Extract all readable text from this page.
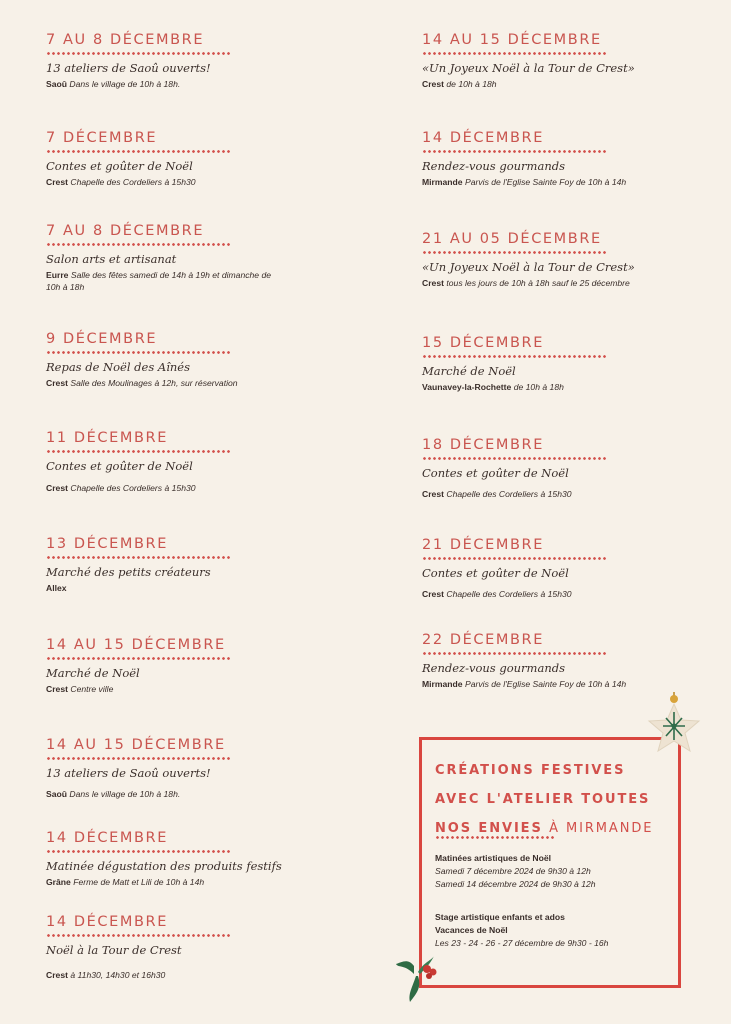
7 AU 8 DÉCEMBRE
13 ateliers de Saoû ouverts!
Saoû Dans le village de 10h à 18h.
7 DÉCEMBRE
Contes et goûter de Noël
Crest Chapelle des Cordeliers à 15h30
7 AU 8 DÉCEMBRE
Salon arts et artisanat
Eurre Salle des fêtes samedi de 14h à 19h et dimanche de 10h à 18h
9 DÉCEMBRE
Repas de Noël des Aînés
Crest Salle des Moulinages à 12h, sur réservation
11 DÉCEMBRE
Contes et goûter de Noël
Crest Chapelle des Cordeliers à 15h30
13 DÉCEMBRE
Marché des petits créateurs
Allex
14 AU 15 DÉCEMBRE
Marché de Noël
Crest Centre ville
14 AU 15 DÉCEMBRE
13 ateliers de Saoû ouverts!
Saoû Dans le village de 10h à 18h.
14 DÉCEMBRE
Matinée dégustation des produits festifs
Grâne Ferme de Matt et Lili de 10h à 14h
14 DÉCEMBRE
Noël à la Tour de Crest
Crest à 11h30, 14h30 et 16h30
14 AU 15 DÉCEMBRE
«Un Joyeux Noël à la Tour de Crest»
Crest de 10h à 18h
14 DÉCEMBRE
Rendez-vous gourmands
Mirmande Parvis de l'Eglise Sainte Foy de 10h à 14h
21 AU 05 DÉCEMBRE
«Un Joyeux Noël à la Tour de Crest»
Crest tous les jours de 10h à 18h sauf le 25 décembre
15 DÉCEMBRE
Marché de Noël
Vaunavey-la-Rochette de 10h à 18h
18 DÉCEMBRE
Contes et goûter de Noël
Crest Chapelle des Cordeliers à 15h30
21 DÉCEMBRE
Contes et goûter de Noël
Crest Chapelle des Cordeliers à 15h30
22 DÉCEMBRE
Rendez-vous gourmands
Mirmande Parvis de l'Eglise Sainte Foy de 10h à 14h
CRÉATIONS FESTIVES
AVEC L'ATELIER TOUTES
NOS ENVIES À MIRMANDE
Matinées artistiques de Noël
Samedi 7 décembre 2024 de 9h30 à 12h
Samedi 14 décembre 2024 de 9h30 à 12h
Stage artistique enfants et ados
Vacances de Noël
Les 23 - 24 - 26 - 27 décembre de 9h30 - 16h
